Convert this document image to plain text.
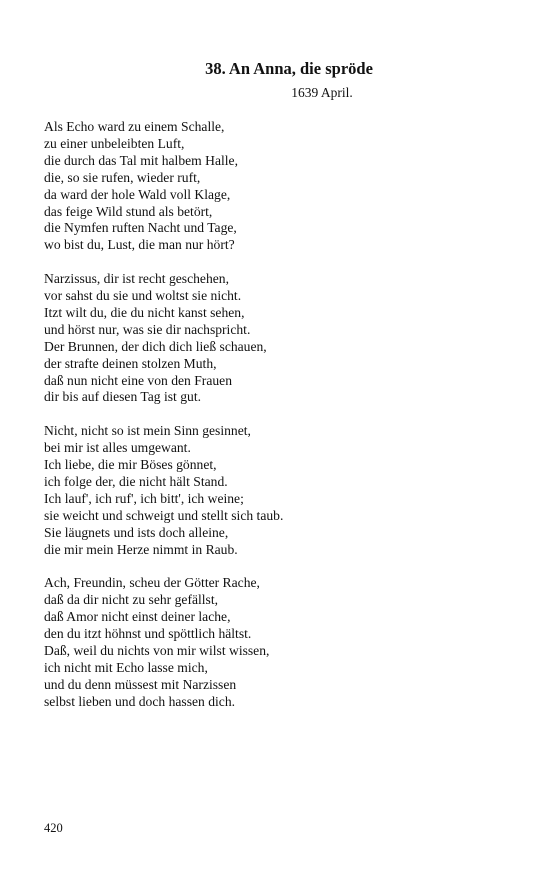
38. An Anna, die spröde
1639 April.
Als Echo ward zu einem Schalle,
zu einer unbeleibten Luft,
die durch das Tal mit halbem Halle,
die, so sie rufen, wieder ruft,
da ward der hole Wald voll Klage,
das feige Wild stund als betört,
die Nymfen ruften Nacht und Tage,
wo bist du, Lust, die man nur hört?
Narzissus, dir ist recht geschehen,
vor sahst du sie und woltst sie nicht.
Itzt wilt du, die du nicht kanst sehen,
und hörst nur, was sie dir nachspricht.
Der Brunnen, der dich dich ließ schauen,
der strafte deinen stolzen Muth,
daß nun nicht eine von den Frauen
dir bis auf diesen Tag ist gut.
Nicht, nicht so ist mein Sinn gesinnet,
bei mir ist alles umgewant.
Ich liebe, die mir Böses gönnet,
ich folge der, die nicht hält Stand.
Ich lauf', ich ruf', ich bitt', ich weine;
sie weicht und schweigt und stellt sich taub.
Sie läugnets und ists doch alleine,
die mir mein Herze nimmt in Raub.
Ach, Freundin, scheu der Götter Rache,
daß da dir nicht zu sehr gefällst,
daß Amor nicht einst deiner lache,
den du itzt höhnst und spöttlich hältst.
Daß, weil du nichts von mir wilst wissen,
ich nicht mit Echo lasse mich,
und du denn müssest mit Narzissen
selbst lieben und doch hassen dich.
420
